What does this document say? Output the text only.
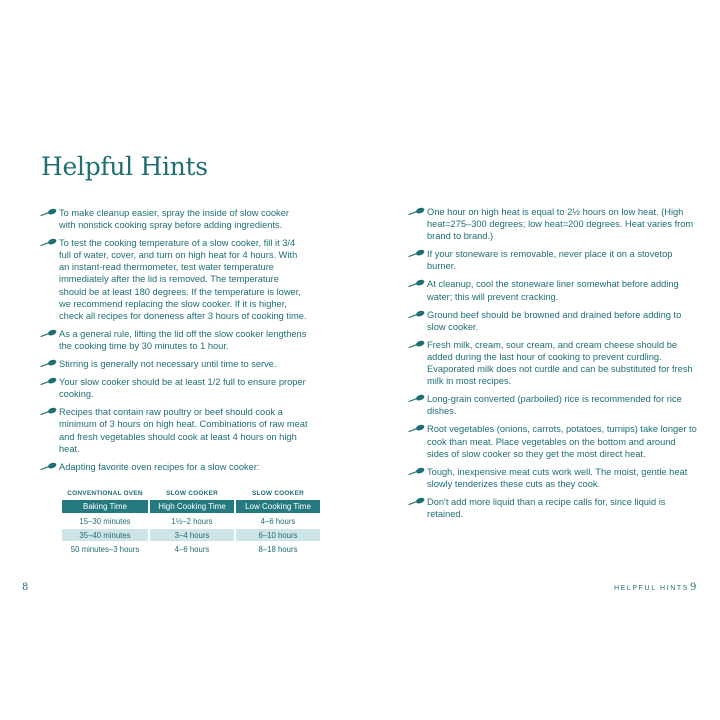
Helpful Hints
To make cleanup easier, spray the inside of slow cooker with nonstick cooking spray before adding ingredients.
To test the cooking temperature of a slow cooker, fill it 3/4 full of water, cover, and turn on high heat for 4 hours. With an instant-read thermometer, test water temperature immediately after the lid is removed. The temperature should be at least 180 degrees. If the temperature is lower, we recommend replacing the slow cooker. If it is higher, check all recipes for doneness after 3 hours of cooking time.
As a general rule, lifting the lid off the slow cooker lengthens the cooking time by 30 minutes to 1 hour.
Stirring is generally not necessary until time to serve.
Your slow cooker should be at least 1/2 full to ensure proper cooking.
Recipes that contain raw poultry or beef should cook a minimum of 3 hours on high heat. Combinations of raw meat and fresh vegetables should cook at least 4 hours on high heat.
Adapting favorite oven recipes for a slow cooker:
CONVENTIONAL OVEN	SLOW COOKER	SLOW COOKER
Baking Time	High Cooking Time	Low Cooking Time
15–30 minutes	1½–2 hours	4–6 hours
35–40 minutes	3–4 hours	6–10 hours
50 minutes–3 hours	4–6 hours	8–18 hours
8
One hour on high heat is equal to 2½ hours on low heat. (High heat=275–300 degrees; low heat=200 degrees. Heat varies from brand to brand.)
If your stoneware is removable, never place it on a stovetop burner.
At cleanup, cool the stoneware liner somewhat before adding water; this will prevent cracking.
Ground beef should be browned and drained before adding to slow cooker.
Fresh milk, cream, sour cream, and cream cheese should be added during the last hour of cooking to prevent curdling. Evaporated milk does not curdle and can be substituted for fresh milk in most recipes.
Long-grain converted (parboiled) rice is recommended for rice dishes.
Root vegetables (onions, carrots, potatoes, turnips) take longer to cook than meat. Place vegetables on the bottom and around sides of slow cooker so they get the most direct heat.
Tough, inexpensive meat cuts work well. The moist, gentle heat slowly tenderizes these cuts as they cook.
Don't add more liquid than a recipe calls for, since liquid is retained.
HELPFUL HINTS 9
